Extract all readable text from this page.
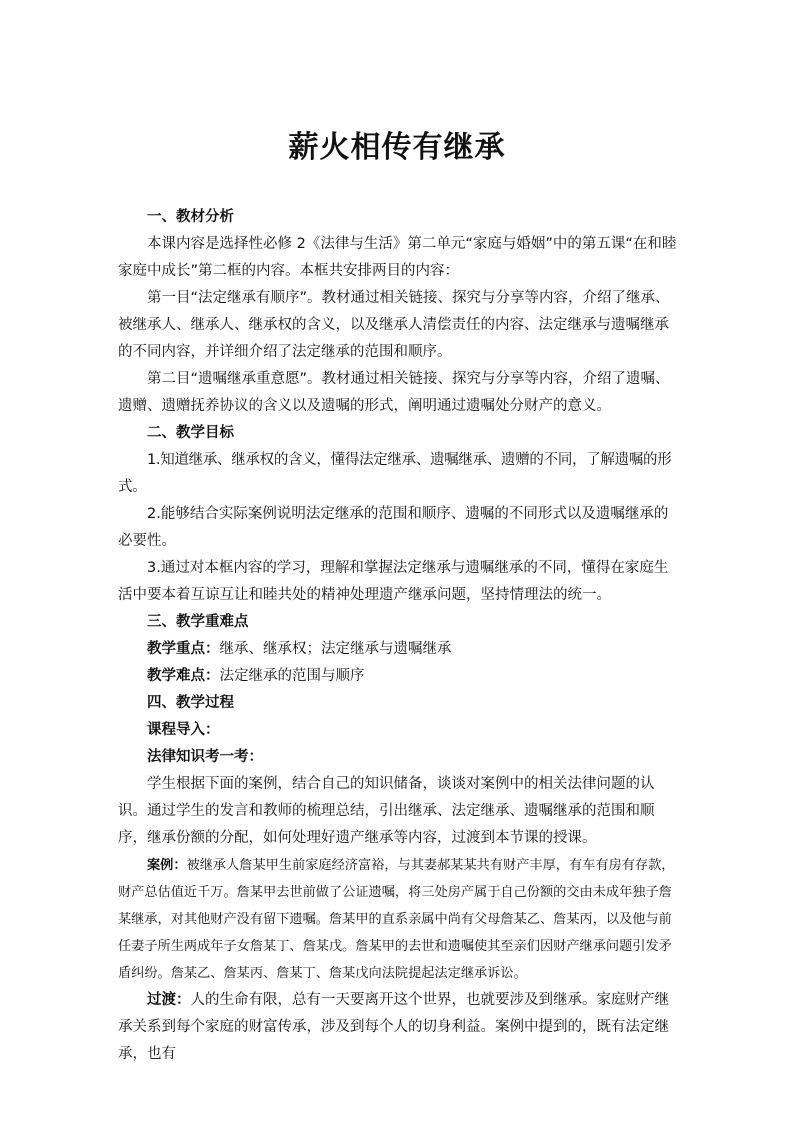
薪火相传有继承

一、教材分析

本课内容是选择性必修 2《法律与生活》第二单元“家庭与婚姻”中的第五课“在和睦家庭中成长”第二框的内容。本框共安排两目的内容：

第一目“法定继承有顺序”。教材通过相关链接、探究与分享等内容，介绍了继承、被继承人、继承人、继承权的含义，以及继承人清偿责任的内容、法定继承与遗嘱继承的不同内容，并详细介绍了法定继承的范围和顺序。

第二目“遗嘱继承重意愿”。教材通过相关链接、探究与分享等内容，介绍了遗嘱、遗赠、遗赠抚养协议的含义以及遗嘱的形式，阐明通过遗嘱处分财产的意义。

二、教学目标

1.知道继承、继承权的含义，懂得法定继承、遗嘱继承、遗赠的不同，了解遗嘱的形式。

2.能够结合实际案例说明法定继承的范围和顺序、遗嘱的不同形式以及遗嘱继承的必要性。

3.通过对本框内容的学习，理解和掌握法定继承与遗嘱继承的不同，懂得在家庭生活中要本着互谅互让和睦共处的精神处理遗产继承问题，坚持情理法的统一。

三、教学重难点

教学重点：继承、继承权；法定继承与遗嘱继承

教学难点：法定继承的范围与顺序

四、教学过程

课程导入：

法律知识考一考：

学生根据下面的案例，结合自己的知识储备，谈谈对案例中的相关法律问题的认识。通过学生的发言和教师的梳理总结，引出继承、法定继承、遗嘱继承的范围和顺序，继承份额的分配，如何处理好遗产继承等内容，过渡到本节课的授课。

案例：被继承人詹某甲生前家庭经济富裕，与其妻郝某某共有财产丰厚，有车有房有存款，财产总估值近千万。詹某甲去世前做了公证遗嘱，将三处房产属于自己份额的交由未成年独子詹某继承，对其他财产没有留下遗嘱。詹某甲的直系亲属中尚有父母詹某乙、詹某丙，以及他与前任妻子所生两成年子女詹某丁、詹某戊。詹某甲的去世和遗嘱使其至亲们因财产继承问题引发矛盾纠纷。詹某乙、詹某丙、詹某丁、詹某戊向法院提起法定继承诉讼。

过渡：人的生命有限，总有一天要离开这个世界，也就要涉及到继承。家庭财产继承关系到每个家庭的财富传承，涉及到每个人的切身利益。案例中提到的，既有法定继承，也有
